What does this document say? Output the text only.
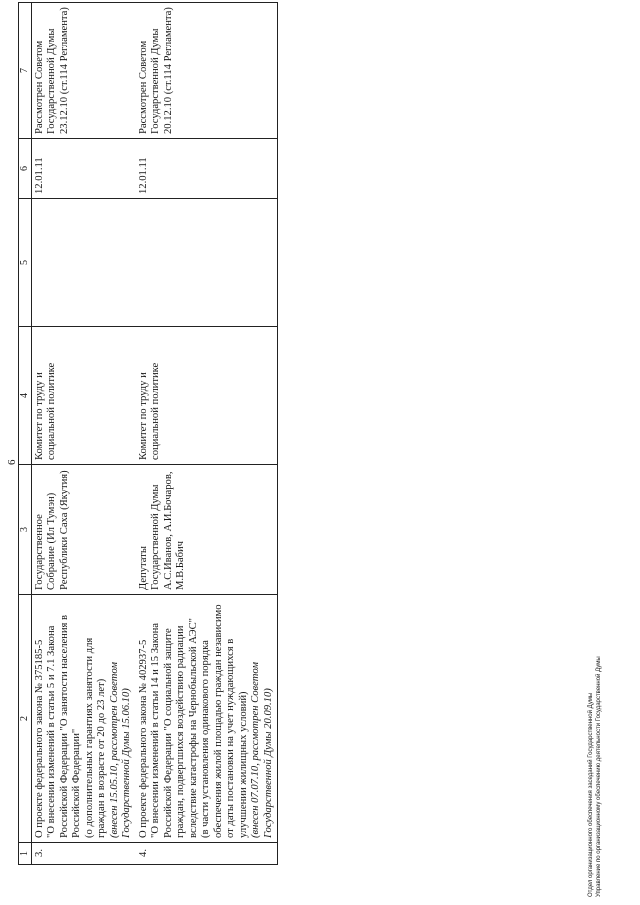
6
1	2	3	4	5	6	7
3.	О проекте федерального закона № 375185-5 "О внесении изменений в статьи 5 и 7.1 Закона Российской Федерации "О занятости населения в Российской Федерации" (о дополнительных гарантиях занятости для граждан в возрасте от 20 до 23 лет) (внесен 15.05.10, рассмотрен Советом Государственной Думы 15.06.10)	Государственное Собрание (Ил Тумэн) Республики Саха (Якутия)	Комитет по труду и социальной политике		12.01.11	Рассмотрен Советом Государственной Думы 23.12.10 (ст.114 Регламента)
4.	О проекте федерального закона № 402937-5 "О внесении изменений в статьи 14 и 15 Закона Российской Федерации "О социальной защите граждан, подвергшихся воздействию радиации вследствие катастрофы на Чернобыльской АЭС" (в части установления одинакового порядка обеспечения жилой площадью граждан независимо от даты постановки на учет нуждающихся в улучшении жилищных условий) (внесен 07.07.10, рассмотрен Советом Государственной Думы 20.09.10)	Депутаты Государственной Думы А.С.Иванов, А.И.Бочаров, М.В.Бабич	Комитет по труду и социальной политике		12.01.11	Рассмотрен Советом Государственной Думы 20.12.10 (ст.114 Регламента)
Отдел организационного обеспечения заседаний Государственной Думы Управление по организационному обеспечению деятельности Государственной Думы
